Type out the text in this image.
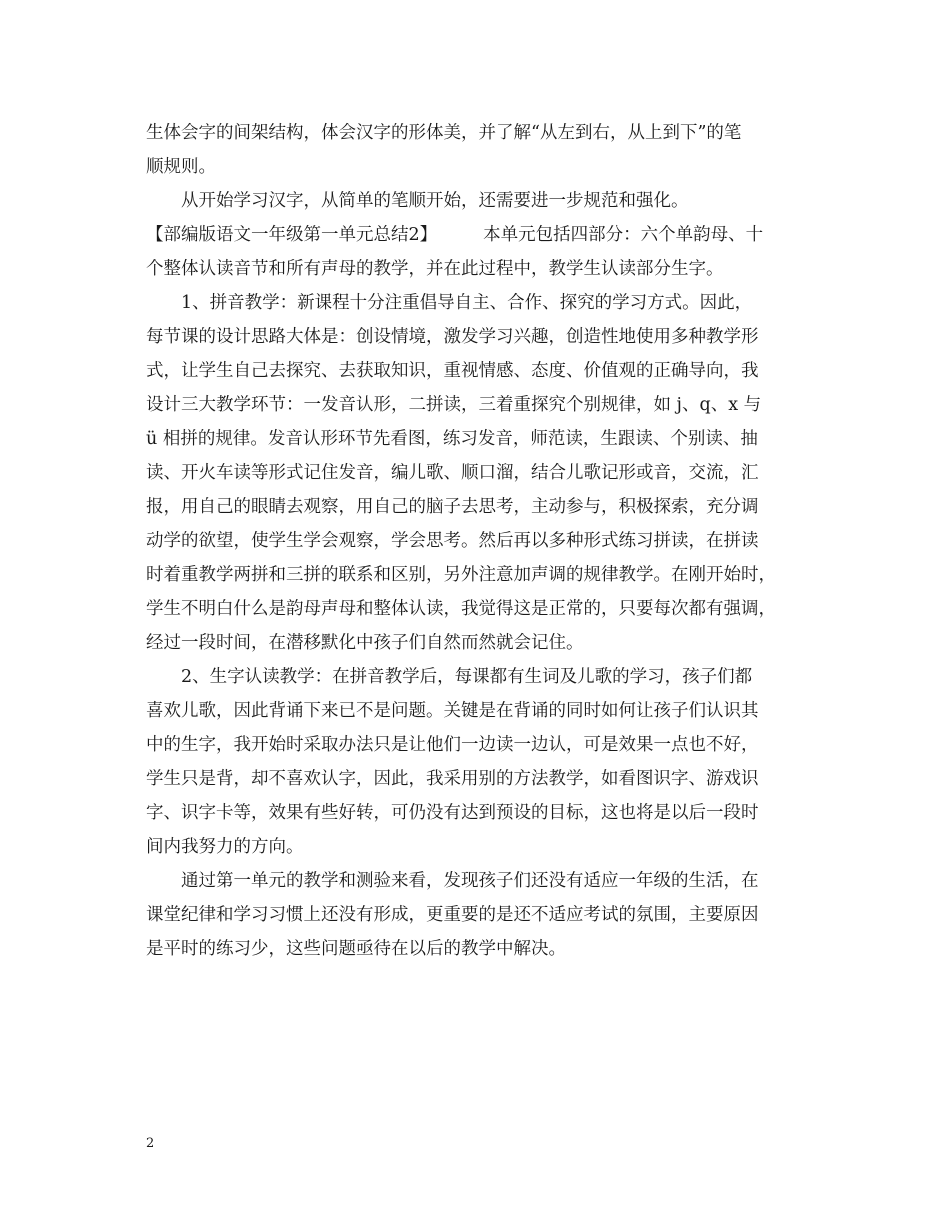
生体会字的间架结构，体会汉字的形体美，并了解“从左到右，从上到下”的笔
顺规则。
　　从开始学习汉字，从简单的笔顺开始，还需要进一步规范和强化。
【部编版语文一年级第一单元总结2】	本单元包括四部分：六个单韵母、十
个整体认读音节和所有声母的教学，并在此过程中，教学生认读部分生字。
　　1、拼音教学：新课程十分注重倡导自主、合作、探究的学习方式。因此，
每节课的设计思路大体是：创设情境，激发学习兴趣，创造性地使用多种教学形
式，让学生自己去探究、去获取知识，重视情感、态度、价值观的正确导向，我
设计三大教学环节：一发音认形，二拼读，三着重探究个别规律，如 j、q、x 与
ü 相拼的规律。发音认形环节先看图，练习发音，师范读，生跟读、个别读、抽
读、开火车读等形式记住发音，编儿歌、顺口溜，结合儿歌记形或音，交流，汇
报，用自己的眼睛去观察，用自己的脑子去思考，主动参与，积极探索，充分调
动学的欲望，使学生学会观察，学会思考。然后再以多种形式练习拼读，在拼读
时着重教学两拼和三拼的联系和区别，另外注意加声调的规律教学。在刚开始时，
学生不明白什么是韵母声母和整体认读，我觉得这是正常的，只要每次都有强调，
经过一段时间，在潜移默化中孩子们自然而然就会记住。
　　2、生字认读教学：在拼音教学后，每课都有生词及儿歌的学习，孩子们都
喜欢儿歌，因此背诵下来已不是问题。关键是在背诵的同时如何让孩子们认识其
中的生字，我开始时采取办法只是让他们一边读一边认，可是效果一点也不好，
学生只是背，却不喜欢认字，因此，我采用别的方法教学，如看图识字、游戏识
字、识字卡等，效果有些好转，可仍没有达到预设的目标，这也将是以后一段时
间内我努力的方向。
　　通过第一单元的教学和测验来看，发现孩子们还没有适应一年级的生活，在
课堂纪律和学习习惯上还没有形成，更重要的是还不适应考试的氛围，主要原因
是平时的练习少，这些问题亟待在以后的教学中解决。
2
